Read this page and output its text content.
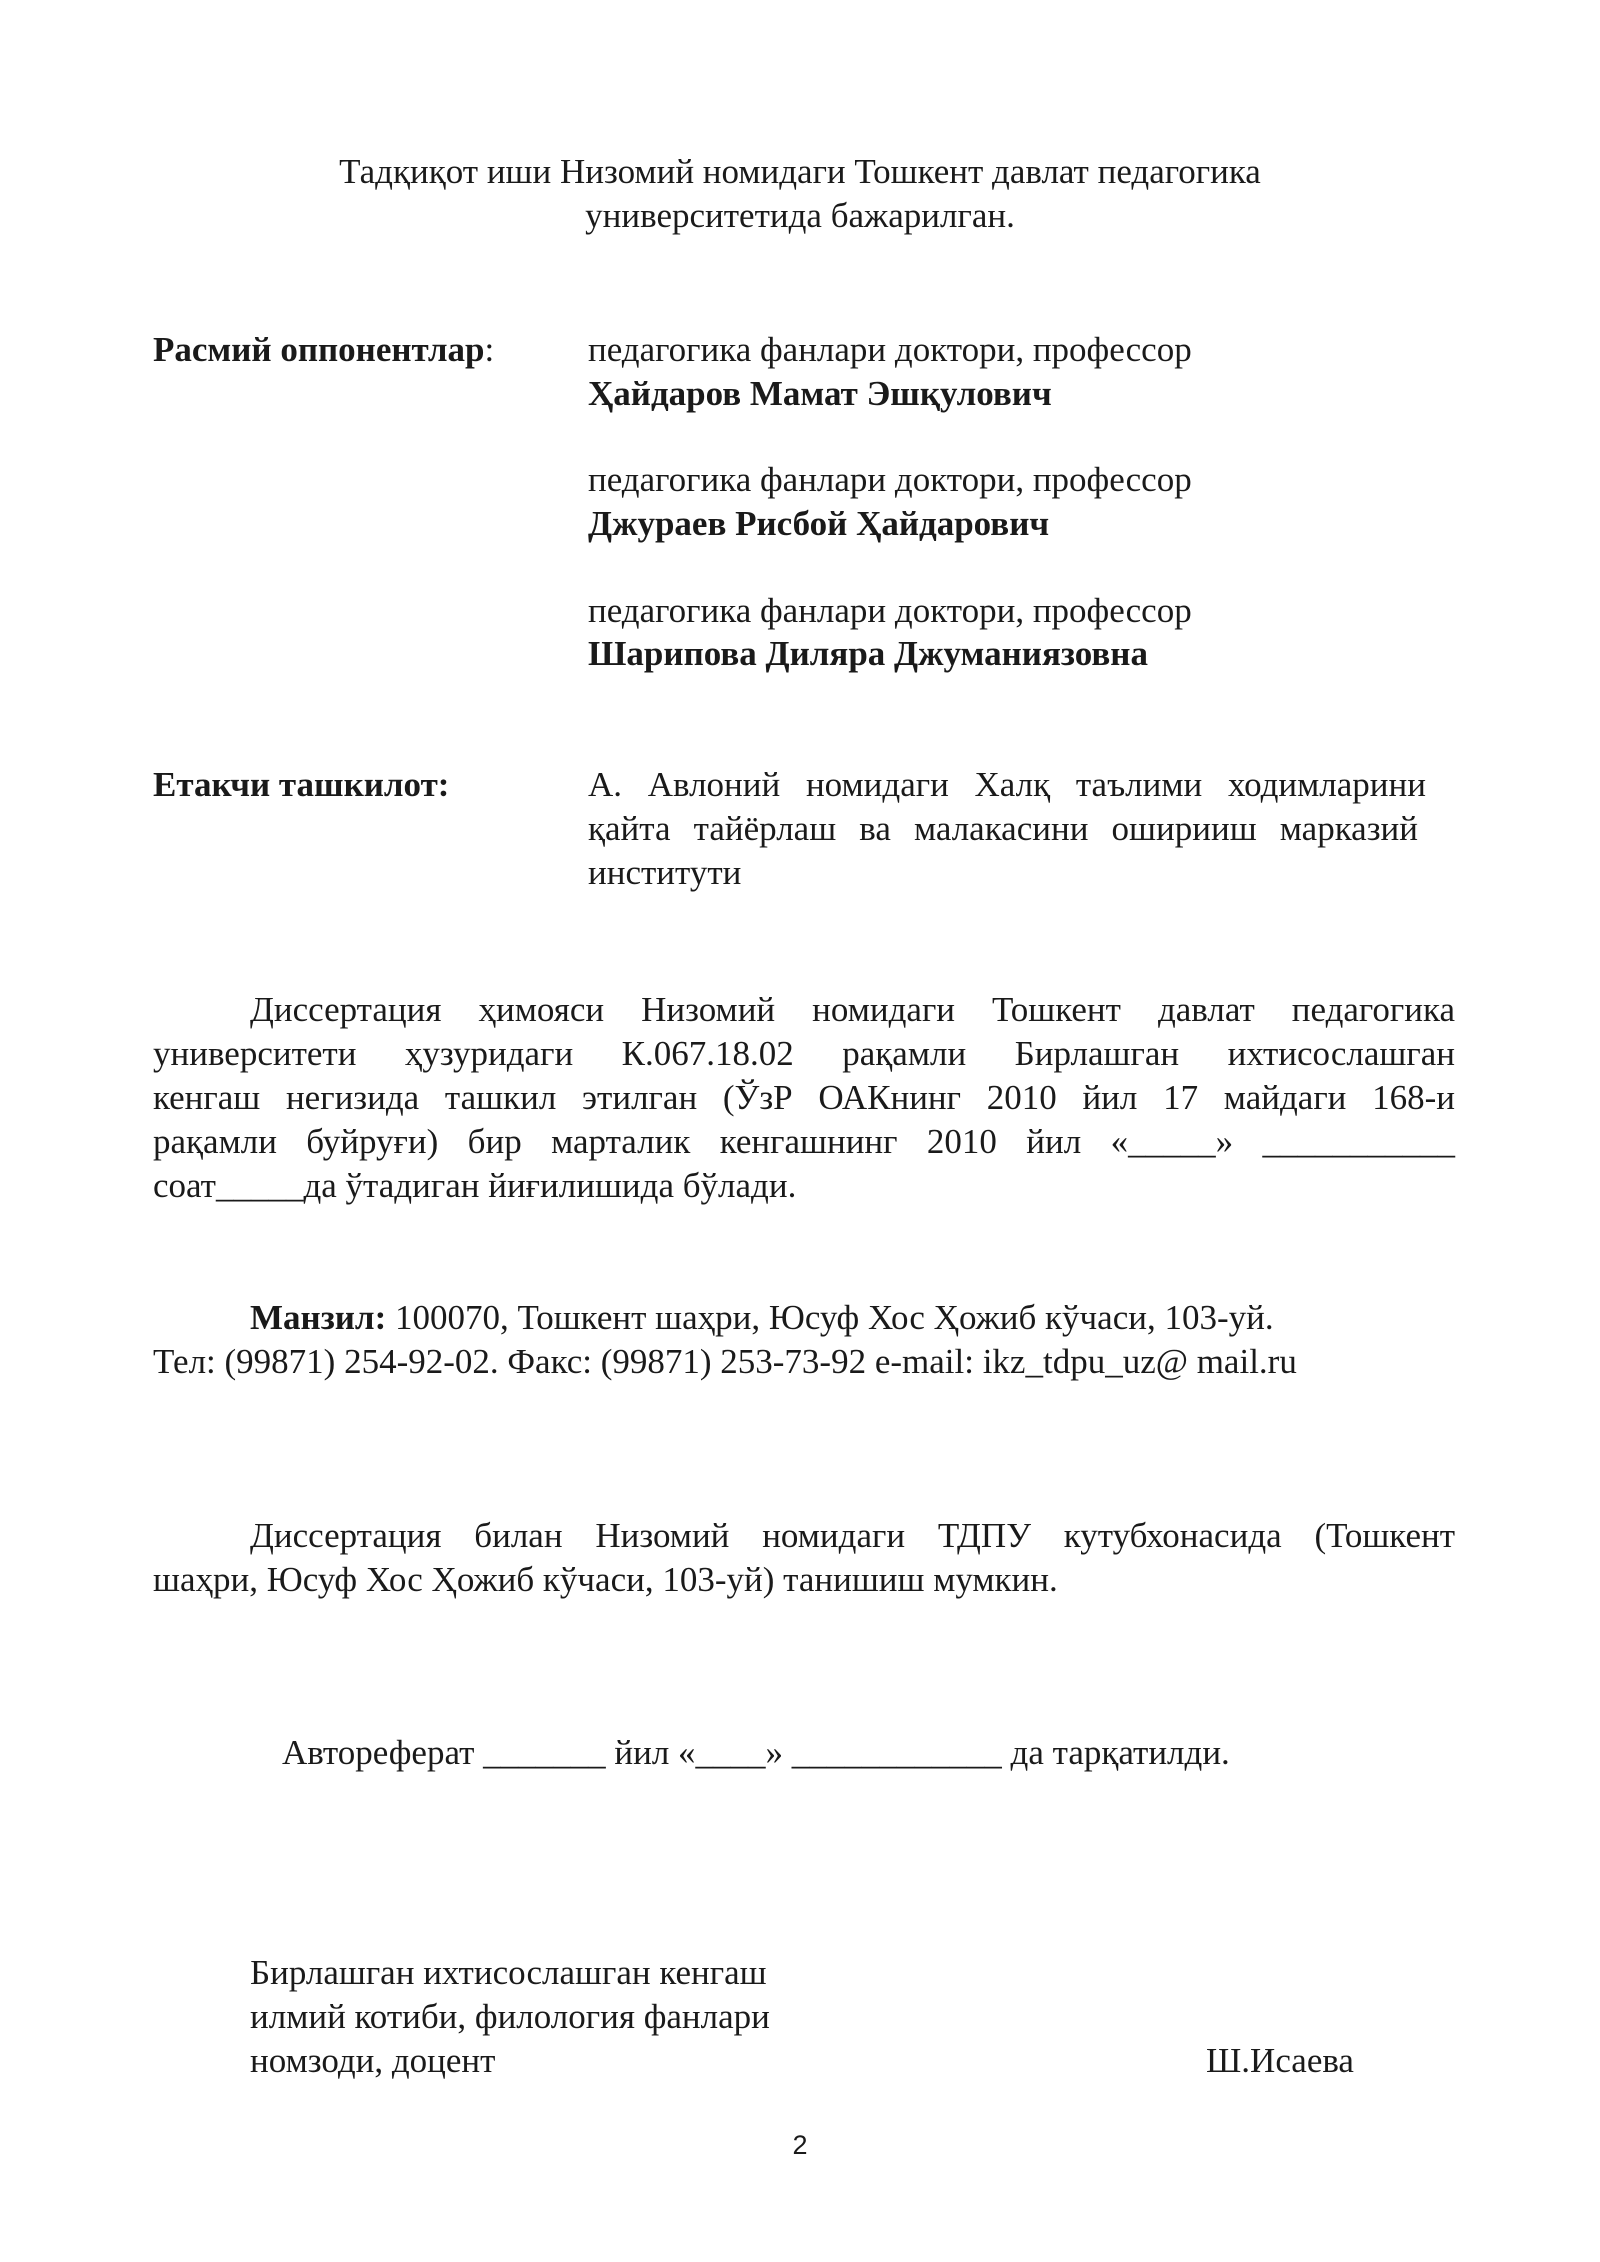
Тадқиқот иши Низомий номидаги Тошкент давлат педагогика
университетида бажарилган.
Расмий оппонентлар:	педагогика фанлари доктори, профессор
Ҳайдаров Мамат Эшқулович
педагогика фанлари доктори, профессор
Джураев Рисбой Ҳайдарович
педагогика фанлари доктори, профессор
Шарипова Диляра Джуманиязовна
Етакчи ташкилот:	А. Авлоний номидаги Халқ таълими ходимларини
қайта тайёрлаш ва малакасини оширииш марказий
институти
Диссертация ҳимояси Низомий номидаги Тошкент давлат педагогика
университети ҳузуридаги К.067.18.02 рақамли Бирлашган ихтисослашган
кенгаш негизида ташкил этилган (ЎзР ОАКнинг 2010 йил 17 майдаги 168-и
рақамли буйруғи) бир марталик кенгашнинг 2010 йил «_____» ___________
соат_____да ўтадиган йиғилишида бўлади.
Манзил: 100070, Тошкент шаҳри, Юсуф Хос Ҳожиб кўчаси, 103-уй.
Тел: (99871) 254-92-02. Факс: (99871) 253-73-92 e-mail: ikz_tdpu_uz@ mail.ru
Диссертация билан Низомий номидаги ТДПУ кутубхонасида (Тошкент
шаҳри, Юсуф Хос Ҳожиб кўчаси, 103-уй) танишиш мумкин.
Автореферат _______ йил «____» ____________ да тарқатилди.
Бирлашган ихтисослашган кенгаш
илмий котиби, филология фанлари
номзоди, доцент	Ш.Исаева
2
